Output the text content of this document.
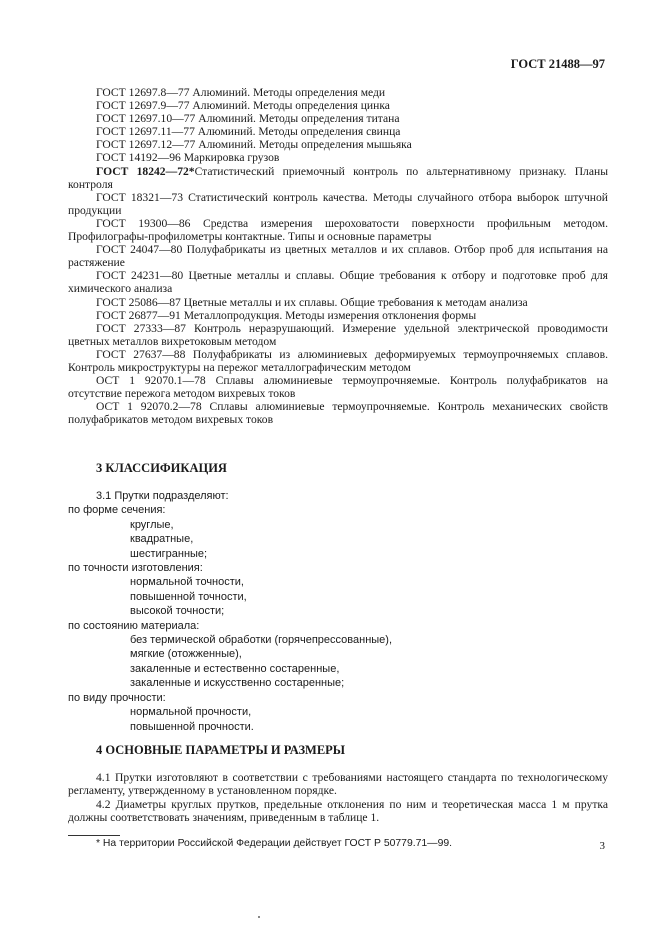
ГОСТ 21488—97

ГОСТ 12697.8—77 Алюминий. Методы определения меди

ГОСТ 12697.9—77 Алюминий. Методы определения цинка

ГОСТ 12697.10—77 Алюминий. Методы определения титана

ГОСТ 12697.11—77 Алюминий. Методы определения свинца

ГОСТ 12697.12—77 Алюминий. Методы определения мышьяка

ГОСТ 14192—96 Маркировка грузов

ГОСТ 18242—72*Статистический приемочный контроль по альтернативному признаку. Планы контроля

ГОСТ 18321—73 Статистический контроль качества. Методы случайного отбора выборок штучной продукции

ГОСТ 19300—86 Средства измерения шероховатости поверхности профильным методом. Профилографы-профилометры контактные. Типы и основные параметры

ГОСТ 24047—80 Полуфабрикаты из цветных металлов и их сплавов. Отбор проб для испытания на растяжение

ГОСТ 24231—80 Цветные металлы и сплавы. Общие требования к отбору и подготовке проб для химического анализа

ГОСТ 25086—87 Цветные металлы и их сплавы. Общие требования к методам анализа

ГОСТ 26877—91 Металлопродукция. Методы измерения отклонения формы

ГОСТ 27333—87 Контроль неразрушающий. Измерение удельной электрической проводимости цветных металлов вихретоковым методом

ГОСТ 27637—88 Полуфабрикаты из алюминиевых деформируемых термоупрочняемых сплавов. Контроль микроструктуры на пережог металлографическим методом

ОСТ 1 92070.1—78 Сплавы алюминиевые термоупрочняемые. Контроль полуфабрикатов на отсутствие пережога методом вихревых токов

ОСТ 1 92070.2—78 Сплавы алюминиевые термоупрочняемые. Контроль механических свойств полуфабрикатов методом вихревых токов

3 КЛАССИФИКАЦИЯ

3.1 Прутки подразделяют:

по форме сечения:

круглые,

квадратные,

шестигранные;

по точности изготовления:

нормальной точности,

повышенной точности,

высокой точности;

по состоянию материала:

без термической обработки (горячепрессованные),

мягкие (отожженные),

закаленные и естественно состаренные,

закаленные и искусственно состаренные;

по виду прочности:

нормальной прочности,

повышенной прочности.

4 ОСНОВНЫЕ ПАРАМЕТРЫ И РАЗМЕРЫ

4.1 Прутки изготовляют в соответствии с требованиями настоящего стандарта по технологическому регламенту, утвержденному в установленном порядке.

4.2 Диаметры круглых прутков, предельные отклонения по ним и теоретическая масса 1 м прутка должны соответствовать значениям, приведенным в таблице 1.

* На территории Российской Федерации действует ГОСТ Р 50779.71—99.	3
